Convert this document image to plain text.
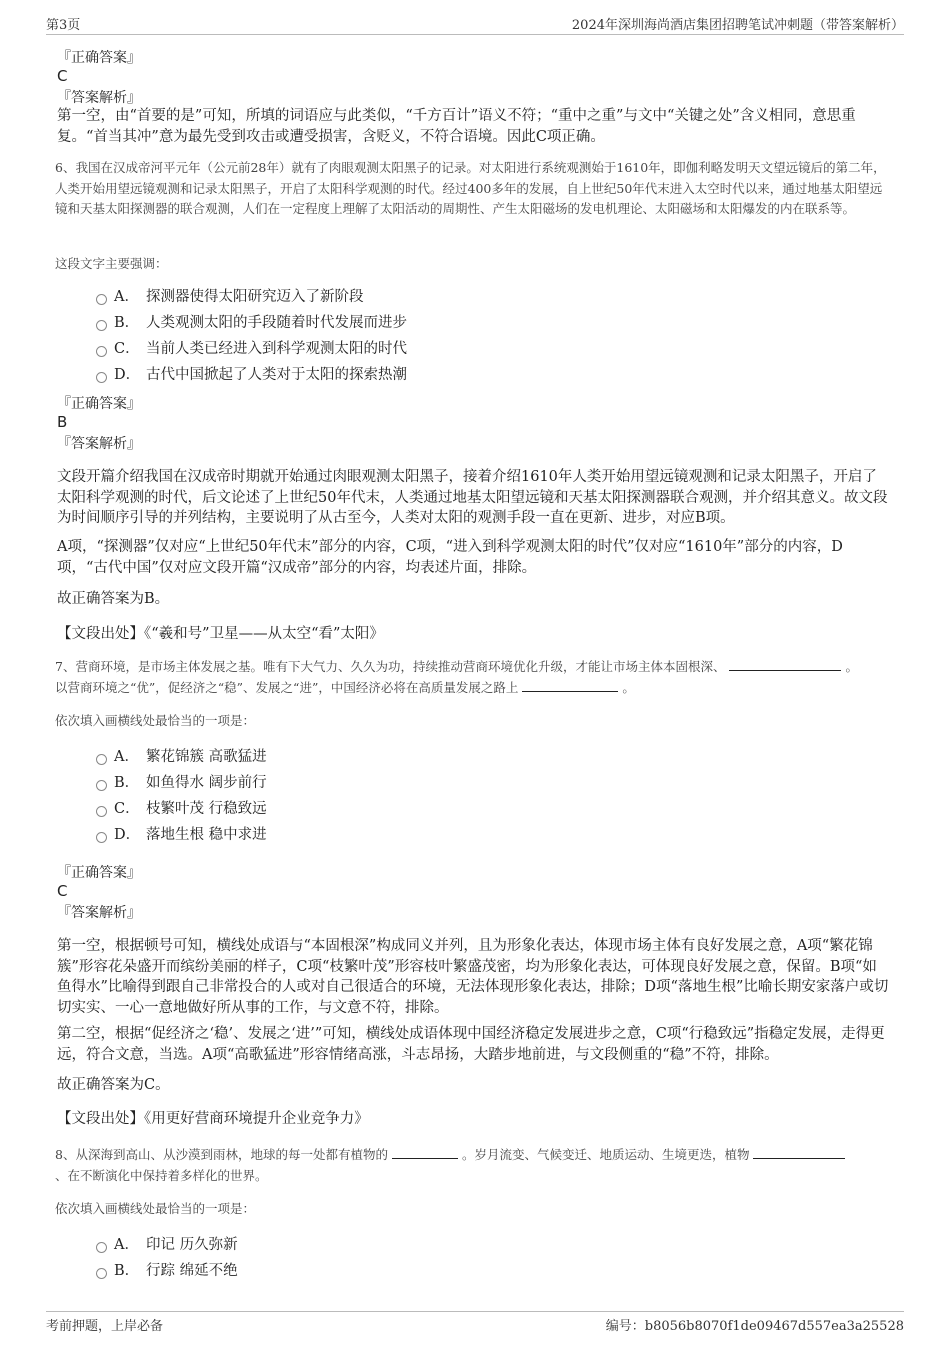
第3页	2024年深圳海尚酒店集团招聘笔试冲刺题（带答案解析）
『正确答案』
C
『答案解析』

第一空，由“首要的是”可知，所填的词语应与此类似，“千方百计”语义不符；“重中之重”与文中“关键之处”含义相同，意思重复。“首当其冲”意为最先受到攻击或遭受损害，含贬义，不符合语境。因此C项正确。

6、我国在汉成帝河平元年（公元前28年）就有了肉眼观测太阳黑子的记录。对太阳进行系统观测始于1610年，即伽利略发明天文望远镜后的第二年，人类开始用望远镜观测和记录太阳黑子，开启了太阳科学观测的时代。经过400多年的发展，自上世纪50年代末进入太空时代以来，通过地基太阳望远镜和天基太阳探测器的联合观测，人们在一定程度上理解了太阳活动的周期性、产生太阳磁场的发电机理论、太阳磁场和太阳爆发的内在联系等。

这段文字主要强调：
A． 探测器使得太阳研究迈入了新阶段
B． 人类观测太阳的手段随着时代发展而进步
C． 当前人类已经进入到科学观测太阳的时代
D． 古代中国掀起了人类对于太阳的探索热潮
『正确答案』
B
『答案解析』

文段开篇介绍我国在汉成帝时期就开始通过肉眼观测太阳黑子，接着介绍1610年人类开始用望远镜观测和记录太阳黑子，开启了太阳科学观测的时代，后文论述了上世纪50年代末，人类通过地基太阳望远镜和天基太阳探测器联合观测，并介绍其意义。故文段为时间顺序引导的并列结构，主要说明了从古至今，人类对太阳的观测手段一直在更新、进步，对应B项。

A项，“探测器”仅对应“上世纪50年代末”部分的内容，C项，“进入到科学观测太阳的时代”仅对应“1610年”部分的内容，D项，“古代中国”仅对应文段开篇“汉成帝”部分的内容，均表述片面，排除。

故正确答案为B。

【文段出处】《“羲和号”卫星——从太空“看”太阳》

7、营商环境，是市场主体发展之基。唯有下大气力、久久为功，持续推动营商环境优化升级，才能让市场主体本固根深、	。
以营商环境之“优”，促经济之“稳”、发展之“进”，中国经济必将在高质量发展之路上	。

依次填入画横线处最恰当的一项是：
A． 繁花锦簇 高歌猛进
B． 如鱼得水 阔步前行
C． 枝繁叶茂 行稳致远
D． 落地生根 稳中求进
『正确答案』
C
『答案解析』

第一空，根据顿号可知，横线处成语与“本固根深”构成同义并列，且为形象化表达，体现市场主体有良好发展之意，A项“繁花锦簇”形容花朵盛开而缤纷美丽的样子，C项“枝繁叶茂”形容枝叶繁盛茂密，均为形象化表达，可体现良好发展之意，保留。B项“如鱼得水”比喻得到跟自己非常投合的人或对自己很适合的环境，无法体现形象化表达，排除；D项“落地生根”比喻长期安家落户或切切实实、一心一意地做好所从事的工作，与文意不符，排除。

第二空，根据“促经济之‘稳’、发展之‘进’”可知，横线处成语体现中国经济稳定发展进步之意，C项“行稳致远”指稳定发展，走得更远，符合文意，当选。A项“高歌猛进”形容情绪高涨，斗志昂扬，大踏步地前进，与文段侧重的“稳”不符，排除。

故正确答案为C。

【文段出处】《用更好营商环境提升企业竞争力》

8、从深海到高山、从沙漠到雨林，地球的每一处都有植物的	。岁月流变、气候变迁、地质运动、生境更迭，植物
、在不断演化中保持着多样化的世界。

依次填入画横线处最恰当的一项是：
A． 印记 历久弥新
B． 行踪 绵延不绝
考前押题，上岸必备	编号：b8056b8070f1de09467d557ea3a25528
